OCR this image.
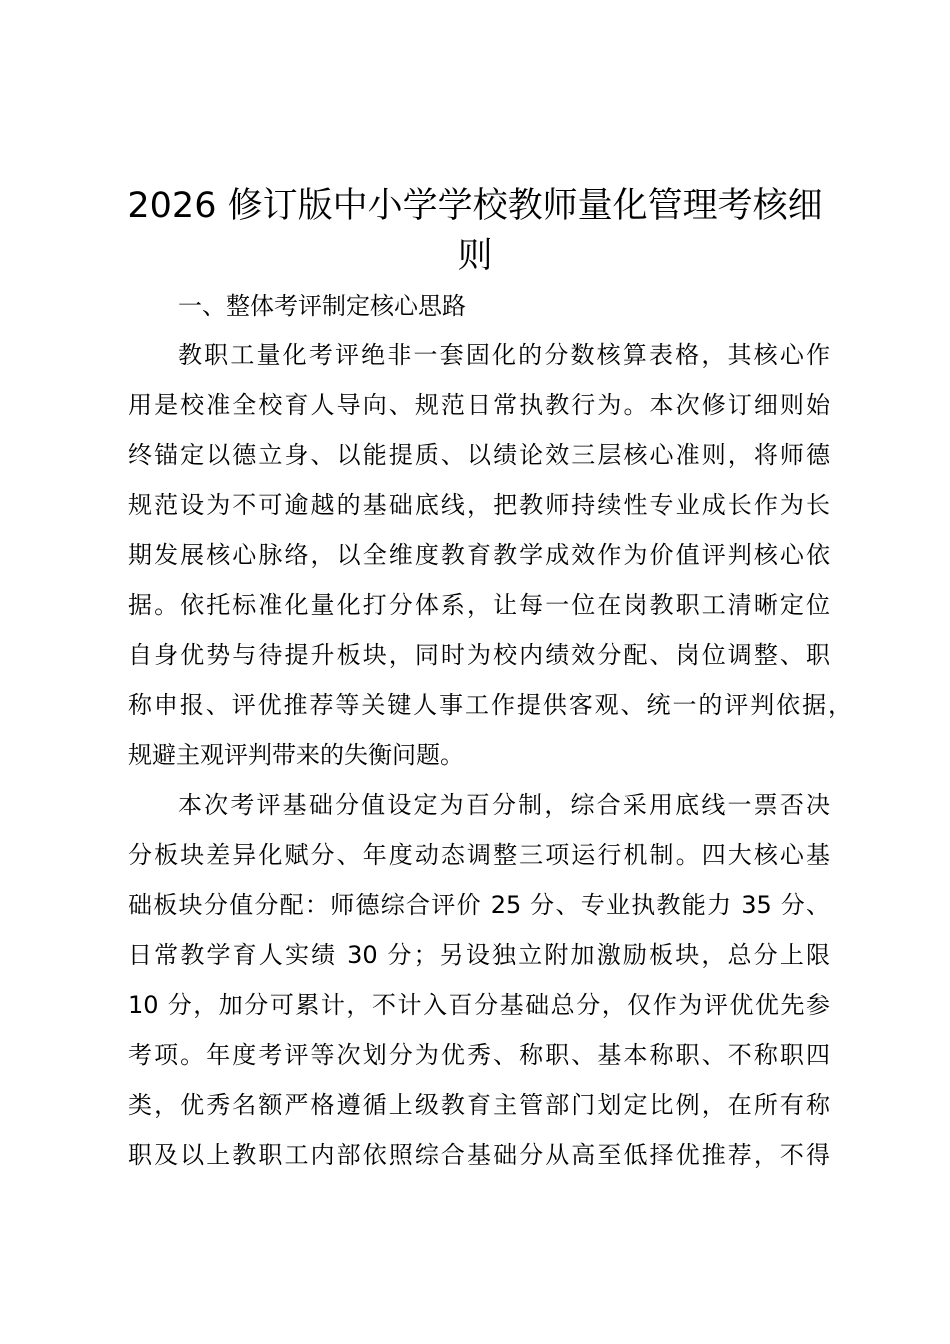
2026 修订版中小学学校教师量化管理考核细
则
一、整体考评制定核心思路
教职工量化考评绝非一套固化的分数核算表格，其核心作
用是校准全校育人导向、规范日常执教行为。本次修订细则始
终锚定以德立身、以能提质、以绩论效三层核心准则，将师德
规范设为不可逾越的基础底线，把教师持续性专业成长作为长
期发展核心脉络，以全维度教育教学成效作为价值评判核心依
据。依托标准化量化打分体系，让每一位在岗教职工清晰定位
自身优势与待提升板块，同时为校内绩效分配、岗位调整、职
称申报、评优推荐等关键人事工作提供客观、统一的评判依据，
规避主观评判带来的失衡问题。
本次考评基础分值设定为百分制，综合采用底线一票否决
分板块差异化赋分、年度动态调整三项运行机制。四大核心基
础板块分值分配：师德综合评价 25 分、专业执教能力 35 分、
日常教学育人实绩 30 分；另设独立附加激励板块，总分上限
10 分，加分可累计，不计入百分基础总分，仅作为评优优先参
考项。年度考评等次划分为优秀、称职、基本称职、不称职四
类，优秀名额严格遵循上级教育主管部门划定比例，在所有称
职及以上教职工内部依照综合基础分从高至低择优推荐，不得
